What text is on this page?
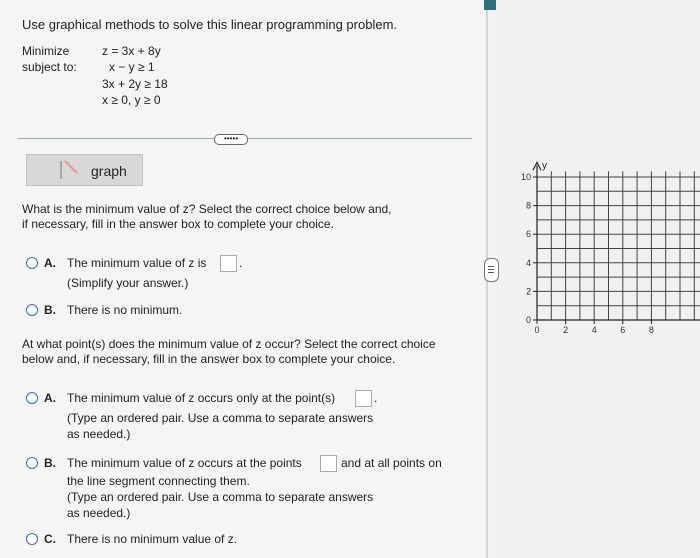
Use graphical methods to solve this linear programming problem.
Minimize
subject to:
z = 3x + 8y
x − y ≥ 1
3x + 2y ≥ 18
x ≥ 0, y ≥ 0
•••••
graph
What is the minimum value of z? Select the correct choice below and,
if necessary, fill in the answer box to complete your choice.
A. The minimum value of z is	.
(Simplify your answer.)
B. There is no minimum.
At what point(s) does the minimum value of z occur? Select the correct choice
below and, if necessary, fill in the answer box to complete your choice.
A. The minimum value of z occurs only at the point(s)	.
(Type an ordered pair. Use a comma to separate answers
as needed.)
B. The minimum value of z occurs at the points	and at all points on
the line segment connecting them.
(Type an ordered pair. Use a comma to separate answers
as needed.)
C. There is no minimum value of z.
y
10
8
6
4
2
0
0	2	4	6	8
